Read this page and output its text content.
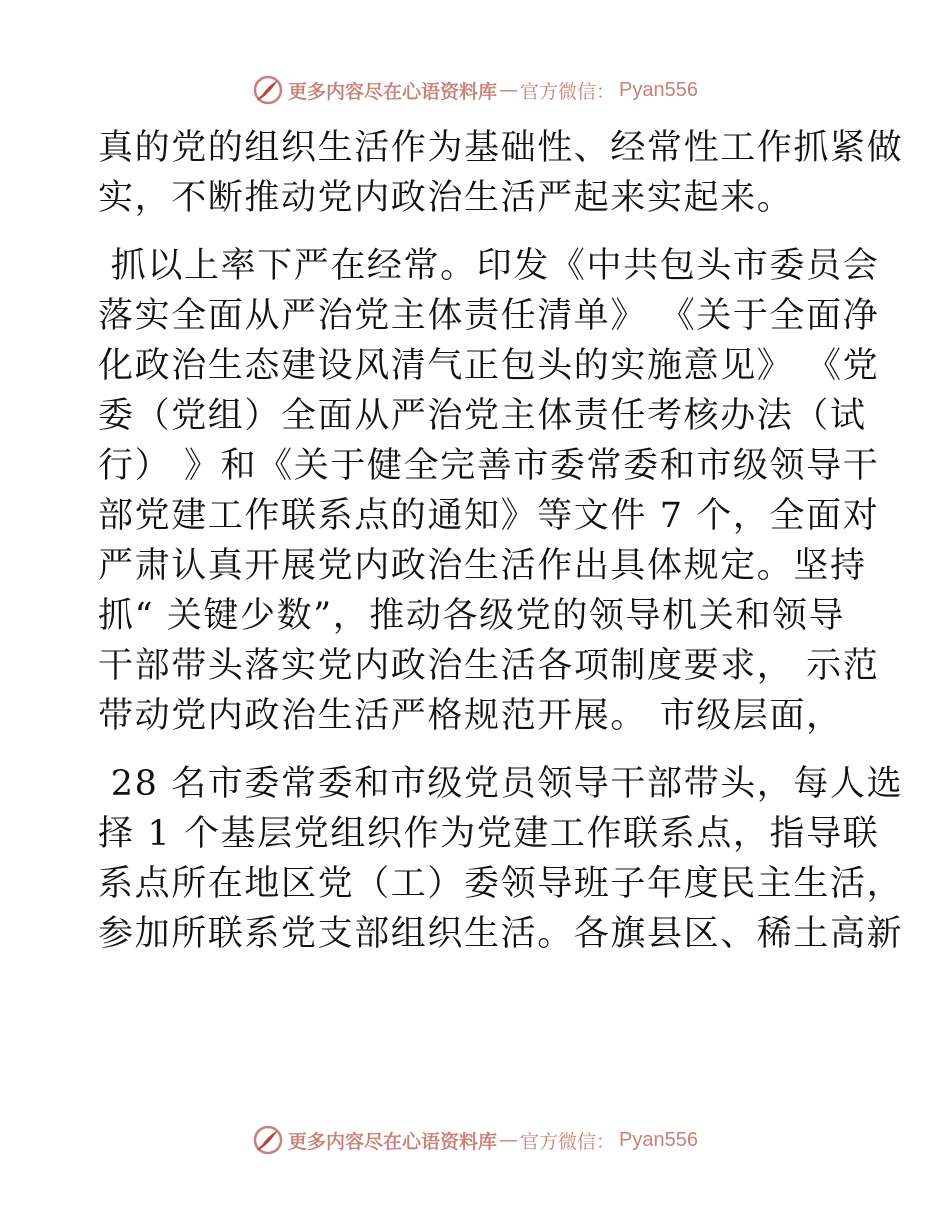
更多内容尽在心语资料库 — 官方微信： Pyan556
真的党的组织生活作为基础性、经常性工作抓紧做
实，不断推动党内政治生活严起来实起来。
抓以上率下严在经常。印发《中共包头市委员会
落实全面从严治党主体责任清单》 《关于全面净
化政治生态建设风清气正包头的实施意见》 《党
委（党组）全面从严治党主体责任考核办法（试
行） 》和《关于健全完善市委常委和市级领导干
部党建工作联系点的通知》等文件 7 个，全面对
严肃认真开展党内政治生活作出具体规定。坚持
抓“ 关键少数”，推动各级党的领导机关和领导
干部带头落实党内政治生活各项制度要求， 示范
带动党内政治生活严格规范开展。 市级层面，
28 名市委常委和市级党员领导干部带头，每人选
择 1 个基层党组织作为党建工作联系点，指导联
系点所在地区党（工）委领导班子年度民主生活，
参加所联系党支部组织生活。各旗县区、稀土高新
更多内容尽在心语资料库 — 官方微信： Pyan556
